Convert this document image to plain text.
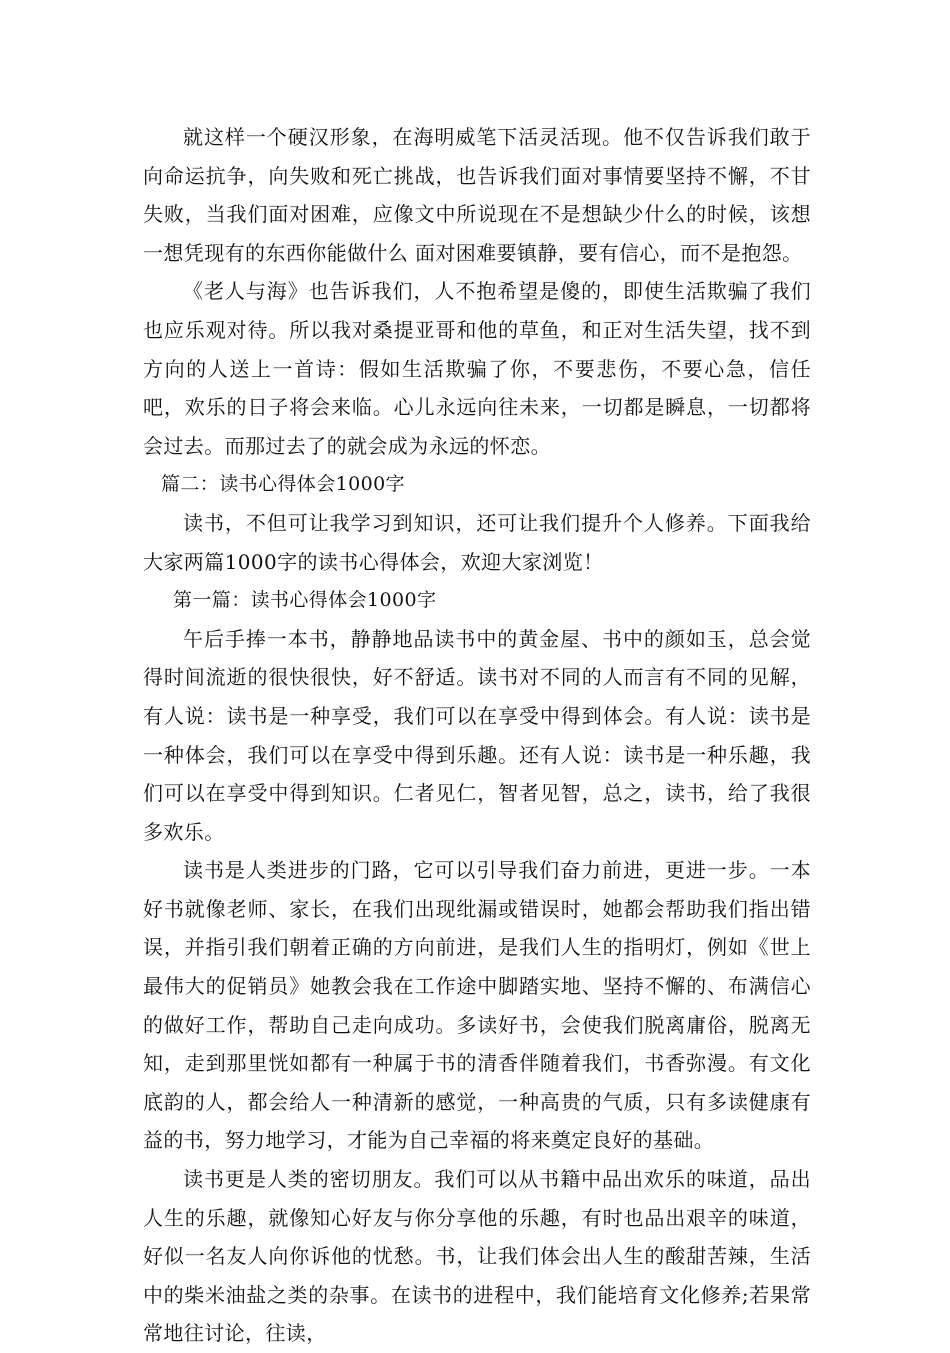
就这样一个硬汉形象，在海明威笔下活灵活现。他不仅告诉我们敢于向命运抗争，向失败和死亡挑战，也告诉我们面对事情要坚持不懈，不甘失败，当我们面对困难，应像文中所说现在不是想缺少什么的时候，该想一想凭现有的东西你能做什么 面对困难要镇静，要有信心，而不是抱怨。

《老人与海》也告诉我们，人不抱希望是傻的，即使生活欺骗了我们也应乐观对待。所以我对桑提亚哥和他的草鱼，和正对生活失望，找不到方向的人送上一首诗：假如生活欺骗了你，不要悲伤，不要心急，信任吧，欢乐的日子将会来临。心儿永远向往未来，一切都是瞬息，一切都将会过去。而那过去了的就会成为永远的怀恋。

篇二：读书心得体会1000字

读书，不但可让我学习到知识，还可让我们提升个人修养。下面我给大家两篇1000字的读书心得体会，欢迎大家浏览！

第一篇：读书心得体会1000字

午后手捧一本书，静静地品读书中的黄金屋、书中的颜如玉，总会觉得时间流逝的很快很快，好不舒适。读书对不同的人而言有不同的见解，有人说：读书是一种享受，我们可以在享受中得到体会。有人说：读书是一种体会，我们可以在享受中得到乐趣。还有人说：读书是一种乐趣，我们可以在享受中得到知识。仁者见仁，智者见智，总之，读书，给了我很多欢乐。

读书是人类进步的门路，它可以引导我们奋力前进，更进一步。一本好书就像老师、家长，在我们出现纰漏或错误时，她都会帮助我们指出错误，并指引我们朝着正确的方向前进，是我们人生的指明灯，例如《世上最伟大的促销员》她教会我在工作途中脚踏实地、坚持不懈的、布满信心的做好工作，帮助自己走向成功。多读好书，会使我们脱离庸俗，脱离无知，走到那里恍如都有一种属于书的清香伴随着我们，书香弥漫。有文化底韵的人，都会给人一种清新的感觉，一种高贵的气质，只有多读健康有益的书，努力地学习，才能为自己幸福的将来奠定良好的基础。

读书更是人类的密切朋友。我们可以从书籍中品出欢乐的味道，品出人生的乐趣，就像知心好友与你分享他的乐趣，有时也品出艰辛的味道，好似一名友人向你诉他的忧愁。书，让我们体会出人生的酸甜苦辣，生活中的柴米油盐之类的杂事。在读书的进程中，我们能培育文化修养;若果常常地往讨论，往读，
